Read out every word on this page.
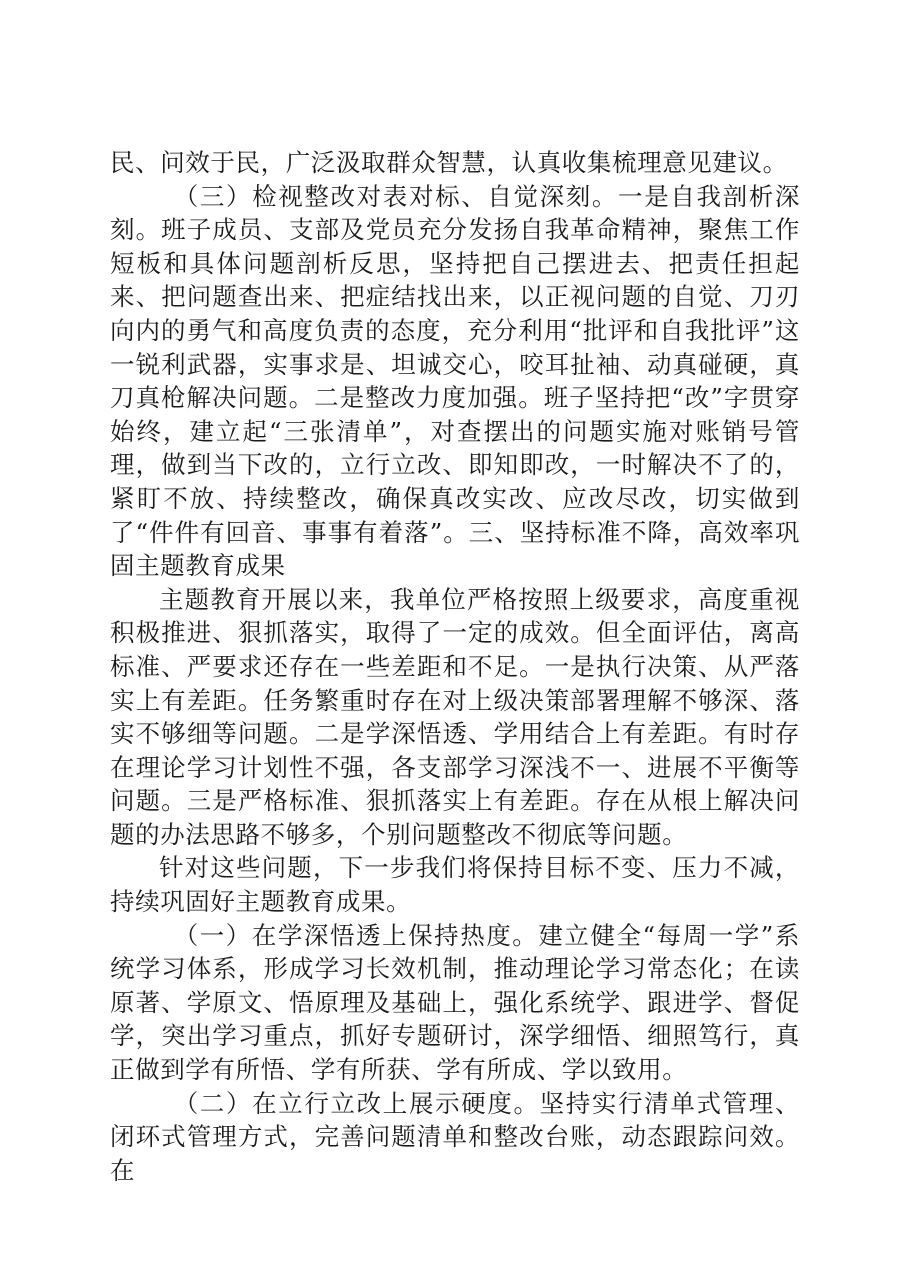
民、问效于民，广泛汲取群众智慧，认真收集梳理意见建议。

（三）检视整改对表对标、自觉深刻。一是自我剖析深刻。班子成员、支部及党员充分发扬自我革命精神，聚焦工作短板和具体问题剖析反思，坚持把自己摆进去、把责任担起来、把问题查出来、把症结找出来，以正视问题的自觉、刀刃向内的勇气和高度负责的态度，充分利用“批评和自我批评”这一锐利武器，实事求是、坦诚交心，咬耳扯袖、动真碰硬，真刀真枪解决问题。二是整改力度加强。班子坚持把“改”字贯穿始终，建立起“三张清单”，对查摆出的问题实施对账销号管理，做到当下改的，立行立改、即知即改，一时解决不了的，紧盯不放、持续整改，确保真改实改、应改尽改，切实做到了“件件有回音、事事有着落”。三、坚持标准不降，高效率巩固主题教育成果

主题教育开展以来，我单位严格按照上级要求，高度重视积极推进、狠抓落实，取得了一定的成效。但全面评估，离高标准、严要求还存在一些差距和不足。一是执行决策、从严落实上有差距。任务繁重时存在对上级决策部署理解不够深、落实不够细等问题。二是学深悟透、学用结合上有差距。有时存在理论学习计划性不强，各支部学习深浅不一、进展不平衡等问题。三是严格标准、狠抓落实上有差距。存在从根上解决问题的办法思路不够多，个别问题整改不彻底等问题。

针对这些问题，下一步我们将保持目标不变、压力不减，持续巩固好主题教育成果。

（一）在学深悟透上保持热度。建立健全“每周一学”系统学习体系，形成学习长效机制，推动理论学习常态化；在读原著、学原文、悟原理及基础上，强化系统学、跟进学、督促学，突出学习重点，抓好专题研讨，深学细悟、细照笃行，真正做到学有所悟、学有所获、学有所成、学以致用。

（二）在立行立改上展示硬度。坚持实行清单式管理、闭环式管理方式，完善问题清单和整改台账，动态跟踪问效。在
